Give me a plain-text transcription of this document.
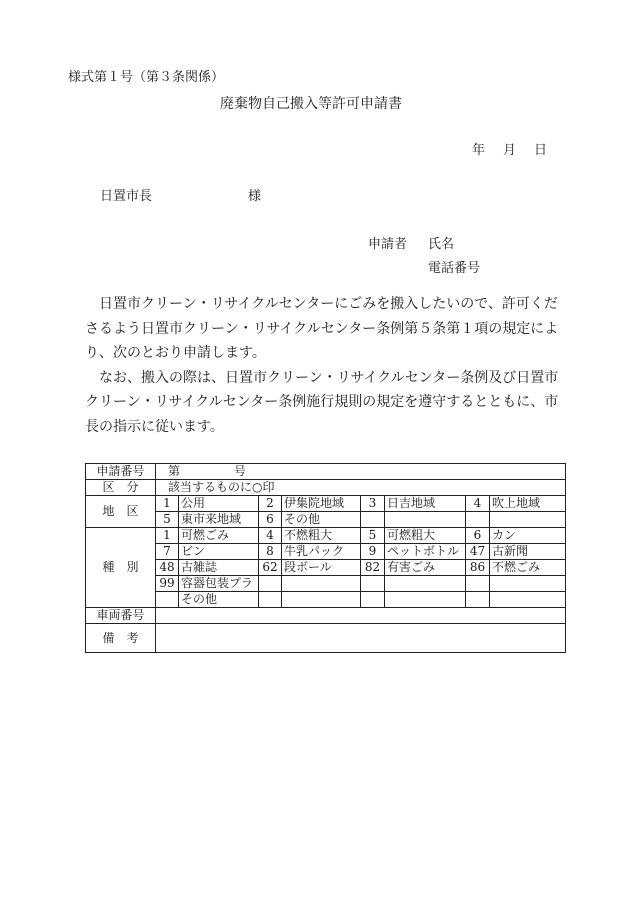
様式第１号（第３条関係）
廃棄物自己搬入等許可申請書
年 月 日
日置市長	様
申請者 氏名
電話番号

日置市クリーン・リサイクルセンターにごみを搬入したいので、許可くださるよう日置市クリーン・リサイクルセンター条例第５条第１項の規定により、次のとおり申請します。

なお、搬入の際は、日置市クリーン・リサイクルセンター条例及び日置市クリーン・リサイクルセンター条例施行規則の規定を遵守するとともに、市長の指示に従います。

申請番号	第 号							
区　分	該当するものに○印							
地　区	1	公用	2	伊集院地域	3	日吉地域	4	吹上地域
	5	東市来地域	6	その他				
種　別	1	可燃ごみ	4	不燃粗大	5	可燃粗大	6	カン
	7	ビン	8	牛乳パック	9	ペットボトル	47	古新聞
	48	古雑誌	62	段ボール	82	有害ごみ	86	不燃ごみ
	99	容器包装プラ						
		その他						
車両番号								
備　考								
